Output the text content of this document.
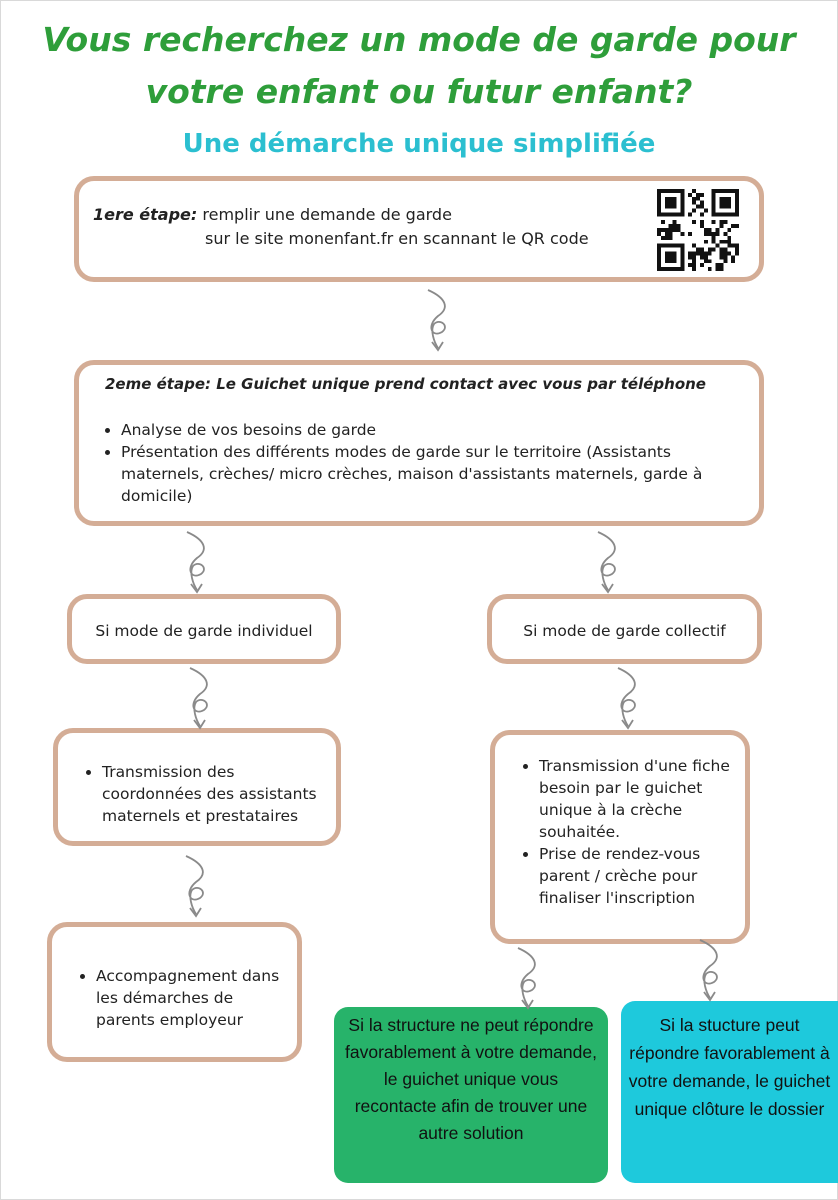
Vous recherchez un mode de garde pour
votre enfant ou futur enfant?
Une démarche unique simplifiée
1ere étape: remplir une demande de garde
sur le site monenfant.fr en scannant le QR code

2eme étape: Le Guichet unique prend contact avec vous par téléphone

• Analyse de vos besoins de garde
• Présentation des différents modes de garde sur le territoire (Assistants maternels, crèches/ micro crèches, maison d'assistants maternels, garde à domicile)
Si mode de garde individuel	Si mode de garde collectif
• Transmission des coordonnées des assistants maternels et prestataires
• Accompagnement dans les démarches de parents employeur
• Transmission d'une fiche besoin par le guichet unique à la crèche souhaitée.
• Prise de rendez-vous parent / crèche pour finaliser l'inscription
Si la structure ne peut répondre favorablement à votre demande, le guichet unique vous recontacte afin de trouver une autre solution
Si la stucture peut répondre favorablement à votre demande, le guichet unique clôture le dossier
